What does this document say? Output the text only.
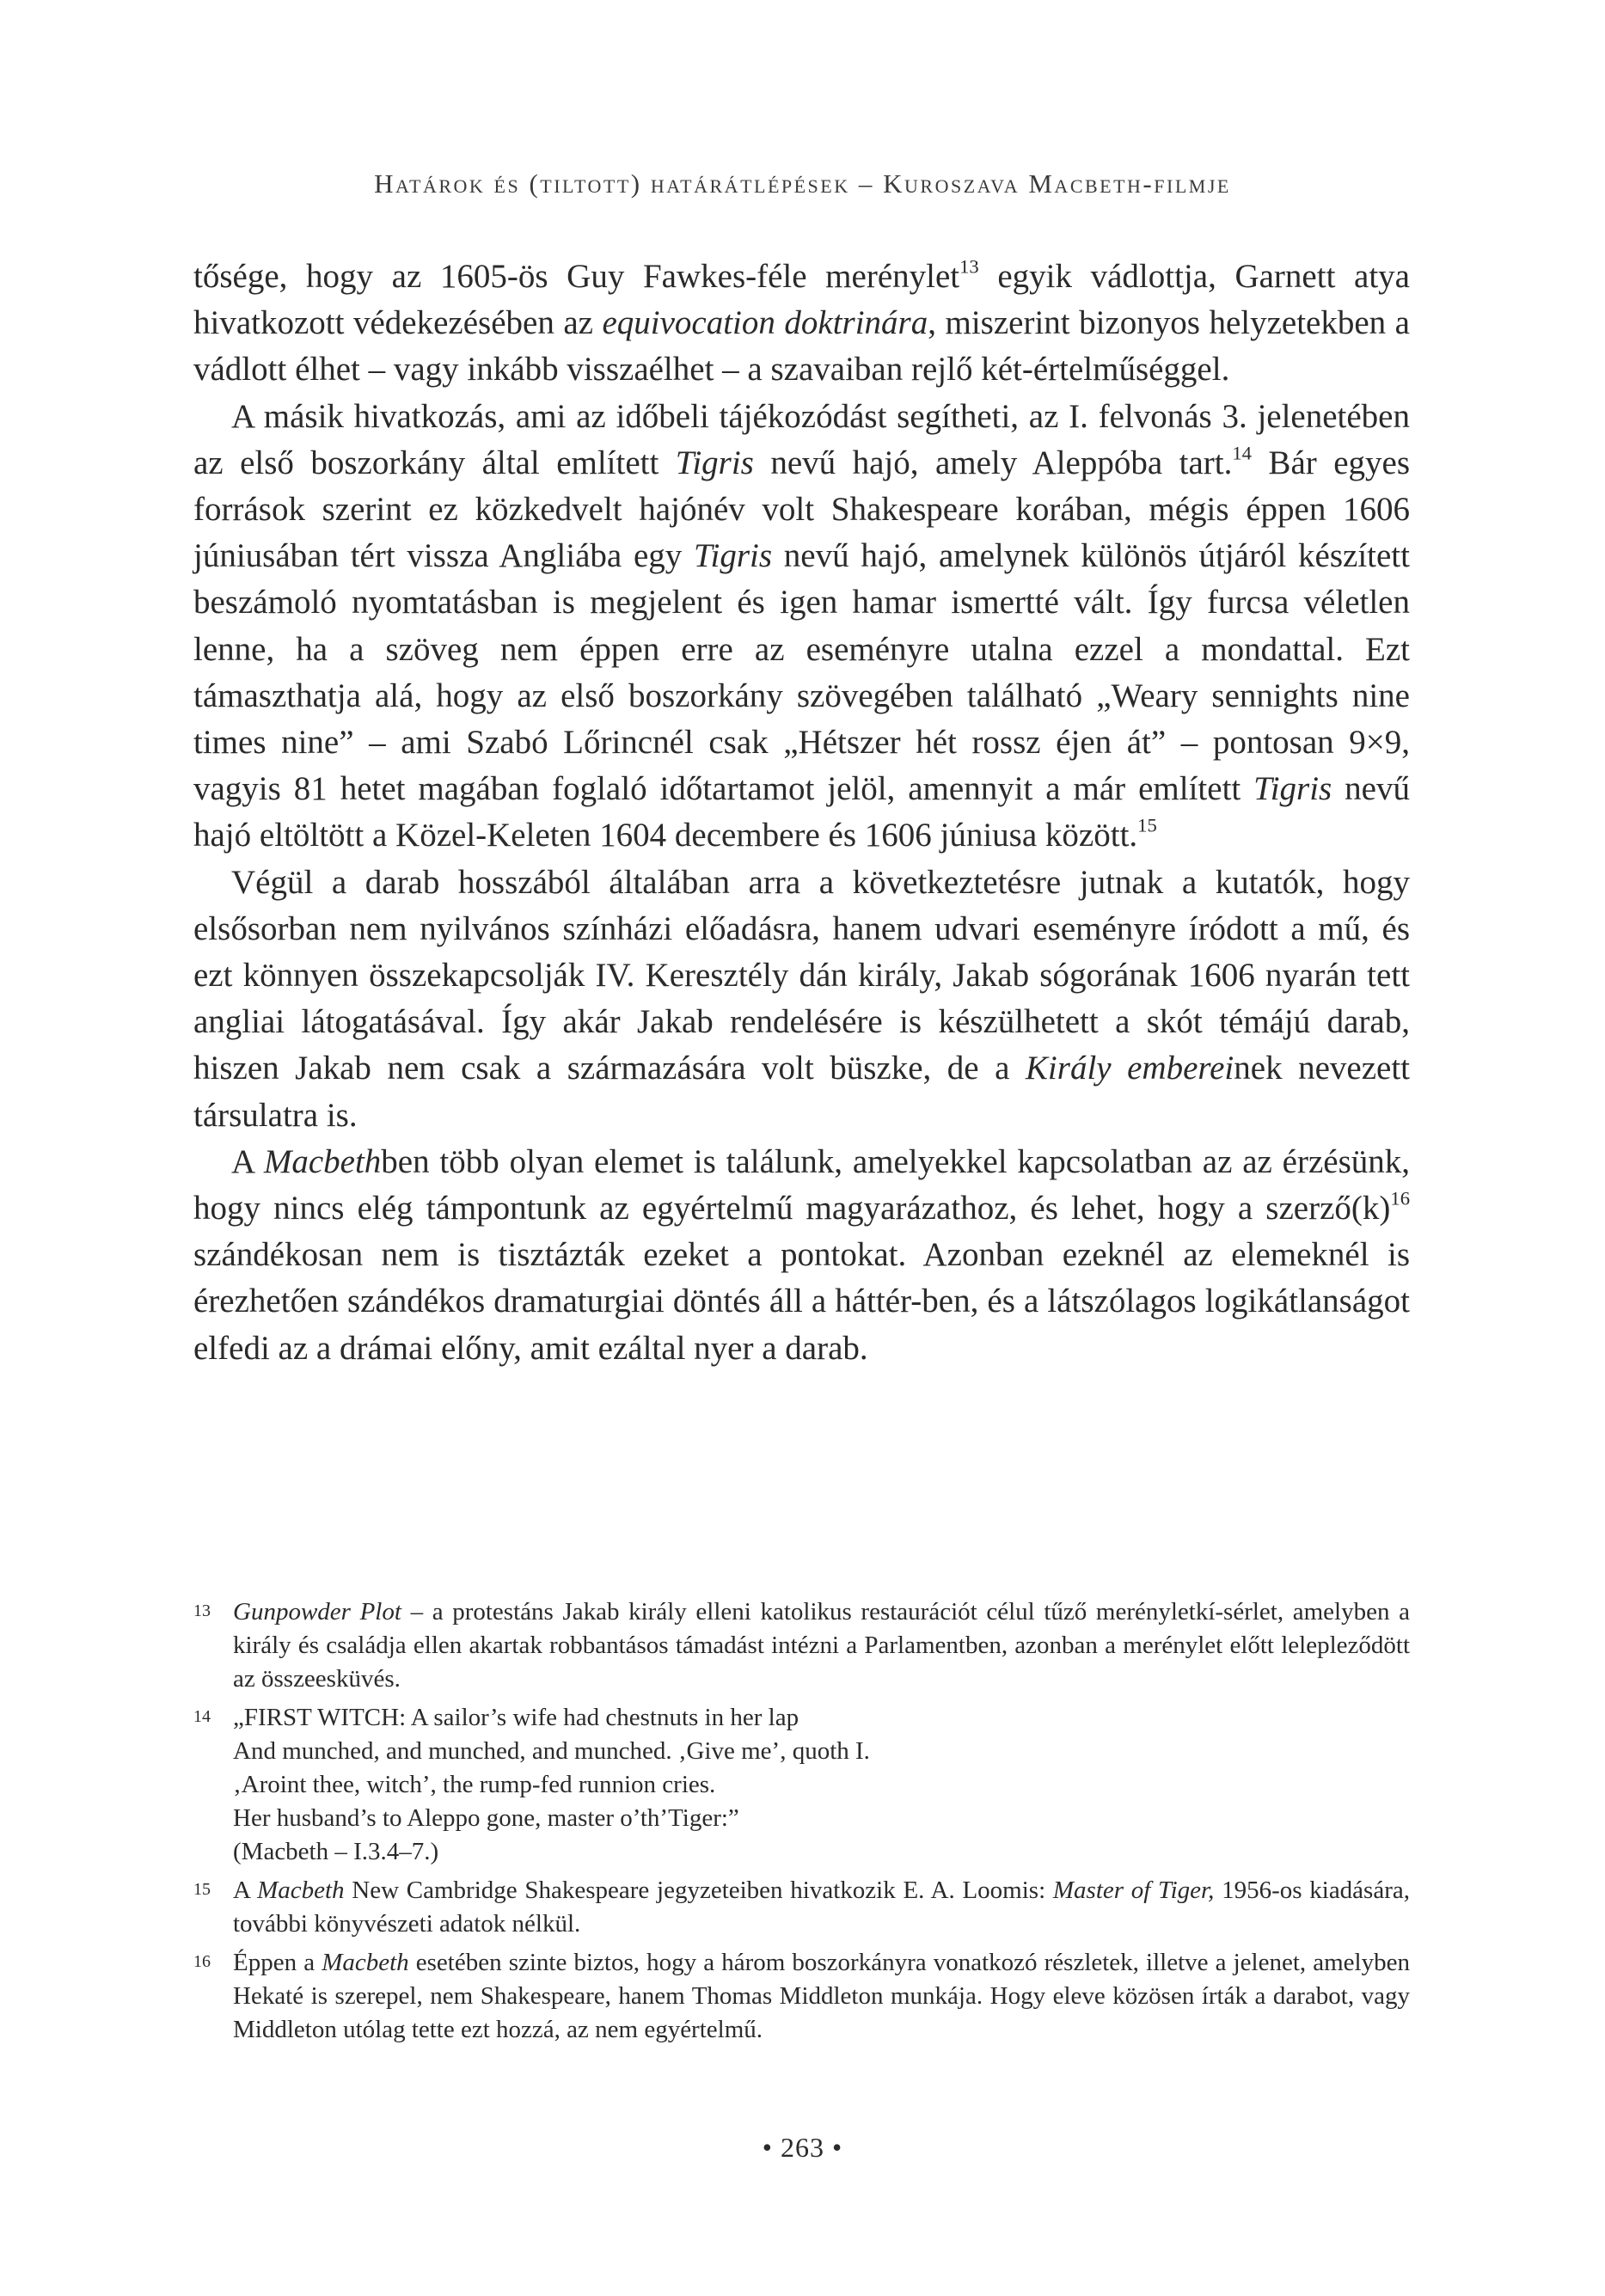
Határok és (tiltott) határátlépések – Kuroszava Macbeth-filmje

tősége, hogy az 1605-ös Guy Fawkes-féle merénylet$^{13}$ egyik vádlottja, Garnett atya hivatkozott védekezésében az equivocation doktrinára, miszerint bizonyos helyzetekben a vádlott élhet – vagy inkább visszaélhet – a szavaiban rejlő két-értelműséggel.

A másik hivatkozás, ami az időbeli tájékozódást segítheti, az I. felvonás 3. jelenetében az első boszorkány által említett Tigris nevű hajó, amely Aleppóba tart.$^{14}$ Bár egyes források szerint ez közkedvelt hajónév volt Shakespeare korában, mégis éppen 1606 júniusában tért vissza Angliába egy Tigris nevű hajó, amelynek különös útjáról készített beszámoló nyomtatásban is megjelent és igen hamar ismertté vált. Így furcsa véletlen lenne, ha a szöveg nem éppen erre az eseményre utalna ezzel a mondattal. Ezt támaszthatja alá, hogy az első boszorkány szövegében található „Weary sennights nine times nine” – ami Szabó Lőrincnél csak „Hétszer hét rossz éjen át” – pontosan 9×9, vagyis 81 hetet magában foglaló időtartamot jelöl, amennyit a már említett Tigris nevű hajó eltöltött a Közel-Keleten 1604 decembere és 1606 júniusa között.$^{15}$

Végül a darab hosszából általában arra a következtetésre jutnak a kutatók, hogy elsősorban nem nyilvános színházi előadásra, hanem udvari eseményre íródott a mű, és ezt könnyen összekapcsolják IV. Keresztély dán király, Jakab sógorának 1606 nyarán tett angliai látogatásával. Így akár Jakab rendelésére is készülhetett a skót témájú darab, hiszen Jakab nem csak a származására volt büszke, de a Király embereinek nevezett társulatra is.

A Macbethben több olyan elemet is találunk, amelyekkel kapcsolatban az az érzésünk, hogy nincs elég támpontunk az egyértelmű magyarázathoz, és lehet, hogy a $szerző(k)^{16}$ szándékosan nem is tisztázták ezeket a pontokat. Azonban ezeknél az elemeknél is érezhetően szándékos dramaturgiai döntés áll a háttér-ben, és a látszólagos logikátlanságot elfedi az a drámai előny, amit ezáltal nyer a darab.

13 Gunpowder Plot – a protestáns Jakab király elleni katolikus restaurációt célul tűző merényletkí-sérlet, amelyben a király és családja ellen akartak robbantásos támadást intézni a Parlamentben, azonban a merénylet előtt lelepleződött az összeesküvés.
14 „FIRST WITCH: A sailor’s wife had chestnuts in her lap
And munched, and munched, and munched. ‚Give me’, quoth I.
‚Aroint thee, witch’, the rump-fed runnion cries.
Her husband’s to Aleppo gone, master o’th’Tiger:”
(Macbeth – I.3.4–7.)
15 A Macbeth New Cambridge Shakespeare jegyzeteiben hivatkozik E. A. Loomis: Master of Tiger, 1956-os kiadására, további könyvészeti adatok nélkül.
16 Éppen a Macbeth esetében szinte biztos, hogy a három boszorkányra vonatkozó részletek, illetve a jelenet, amelyben Hekaté is szerepel, nem Shakespeare, hanem Thomas Middleton munkája. Hogy eleve közösen írták a darabot, vagy Middleton utólag tette ezt hozzá, az nem egyértelmű.
• 263 •
